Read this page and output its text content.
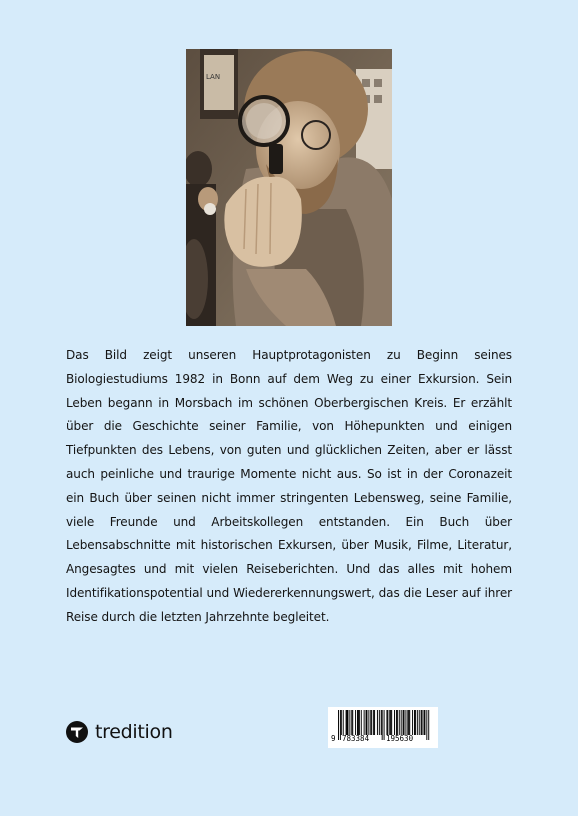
LAN

Das Bild zeigt unseren Hauptprotagonisten zu Beginn seines Biologiestudiums 1982 in Bonn auf dem Weg zu einer Exkursion. Sein Leben begann in Morsbach im schönen Oberbergischen Kreis. Er erzählt über die Geschichte seiner Familie, von Höhepunkten und einigen Tiefpunkten des Lebens, von guten und glücklichen Zeiten, aber er lässt auch peinliche und traurige Momente nicht aus. So ist in der Coronazeit ein Buch über seinen nicht immer stringenten Lebensweg, seine Familie, viele Freunde und Arbeitskollegen entstanden. Ein Buch über Lebensabschnitte mit historischen Exkursen, über Musik, Filme, Literatur, Angesagtes und mit vielen Reiseberichten. Und das alles mit hohem Identifikationspotential und Wiedererkennungswert, das die Leser auf ihrer Reise durch die letzten Jahrzehnte begleitet.

tredition	9 783384 195630
